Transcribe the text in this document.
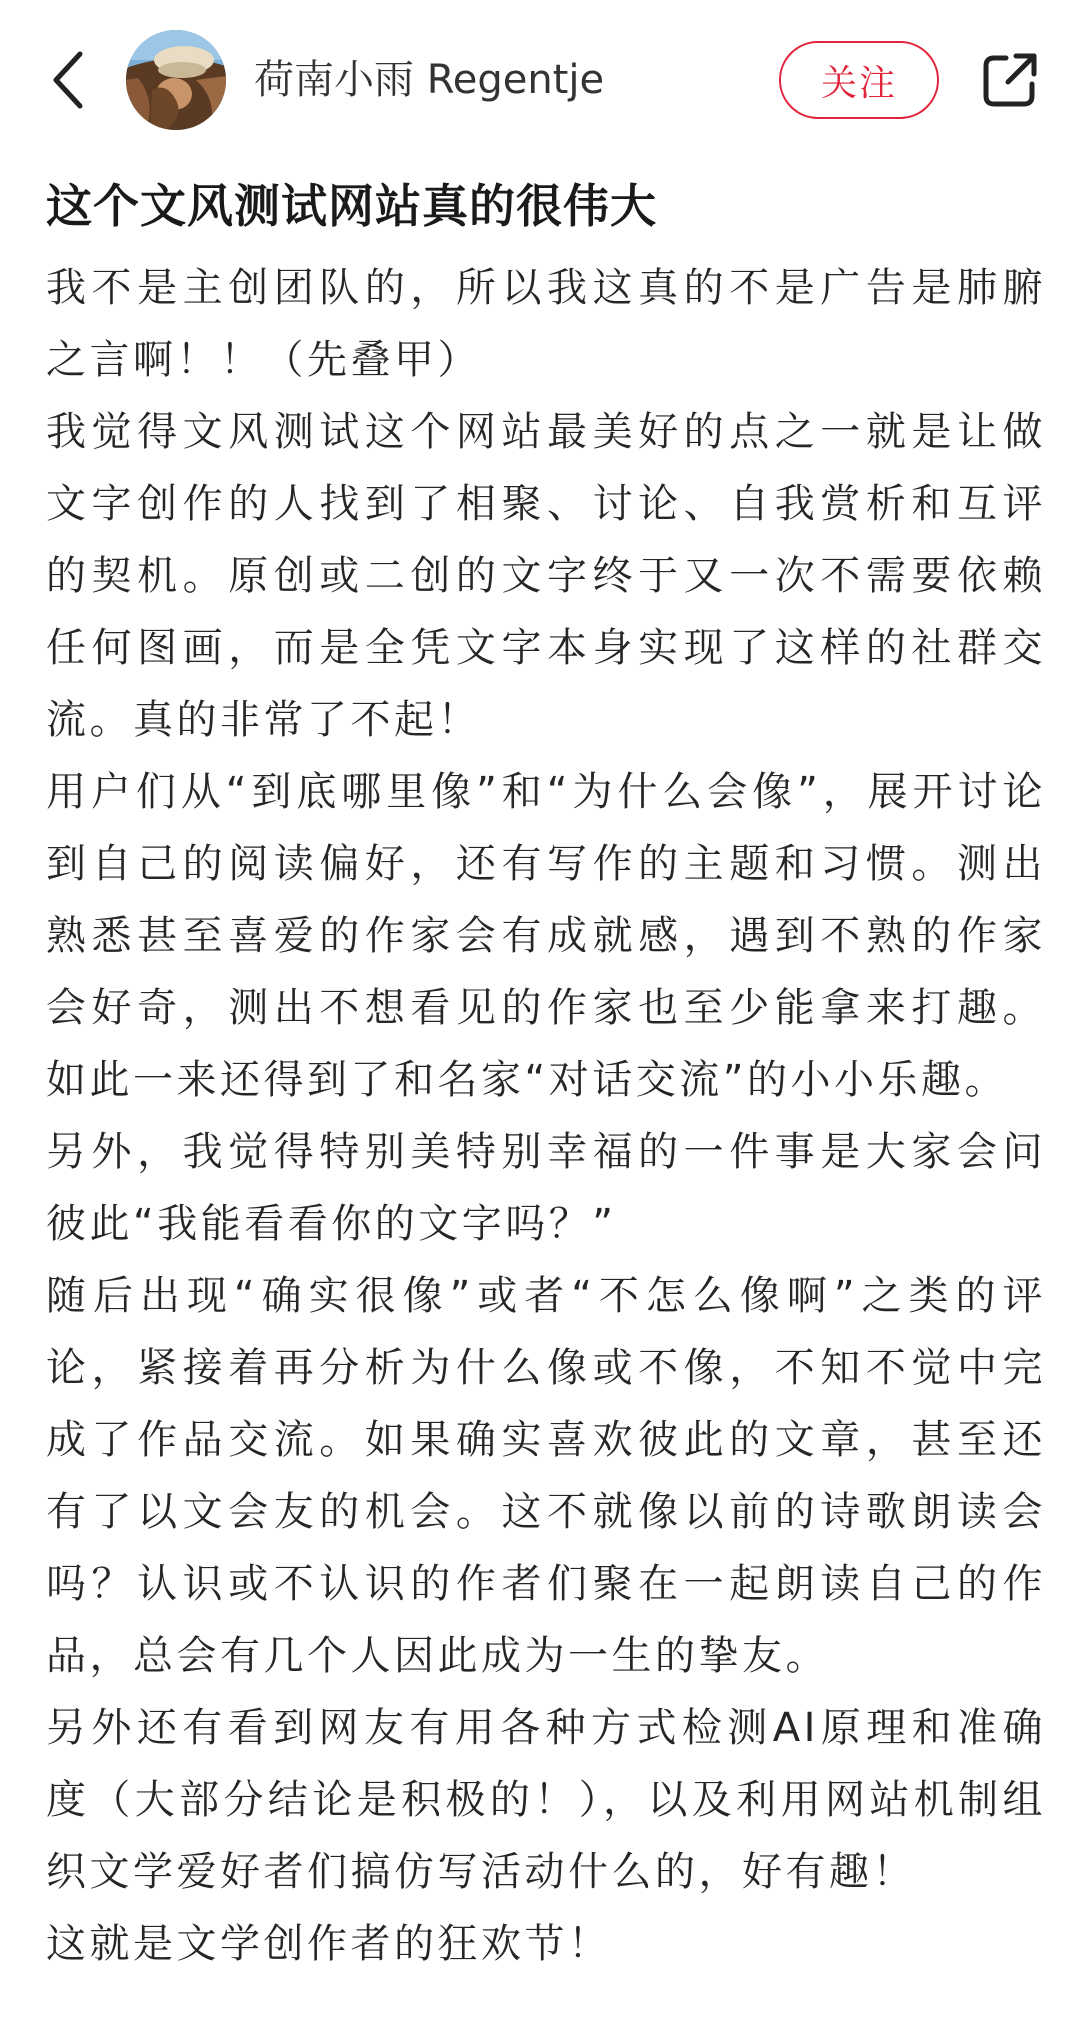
荷南小雨 Regentje	关注
这个文风测试网站真的很伟大

我不是主创团队的，所以我这真的不是广告是肺腑之言啊！！（先叠甲）

我觉得文风测试这个网站最美好的点之一就是让做文字创作的人找到了相聚、讨论、自我赏析和互评的契机。原创或二创的文字终于又一次不需要依赖任何图画，而是全凭文字本身实现了这样的社群交流。真的非常了不起！

用户们从“到底哪里像”和“为什么会像”，展开讨论到自己的阅读偏好，还有写作的主题和习惯。测出熟悉甚至喜爱的作家会有成就感，遇到不熟的作家会好奇，测出不想看见的作家也至少能拿来打趣。如此一来还得到了和名家“对话交流”的小小乐趣。

另外，我觉得特别美特别幸福的一件事是大家会问彼此“我能看看你的文字吗？”

随后出现“确实很像”或者“不怎么像啊”之类的评论，紧接着再分析为什么像或不像，不知不觉中完成了作品交流。如果确实喜欢彼此的文章，甚至还有了以文会友的机会。这不就像以前的诗歌朗读会吗？认识或不认识的作者们聚在一起朗读自己的作品，总会有几个人因此成为一生的挚友。

另外还有看到网友有用各种方式检测AI原理和准确度（大部分结论是积极的！），以及利用网站机制组织文学爱好者们搞仿写活动什么的，好有趣！

这就是文学创作者的狂欢节！
